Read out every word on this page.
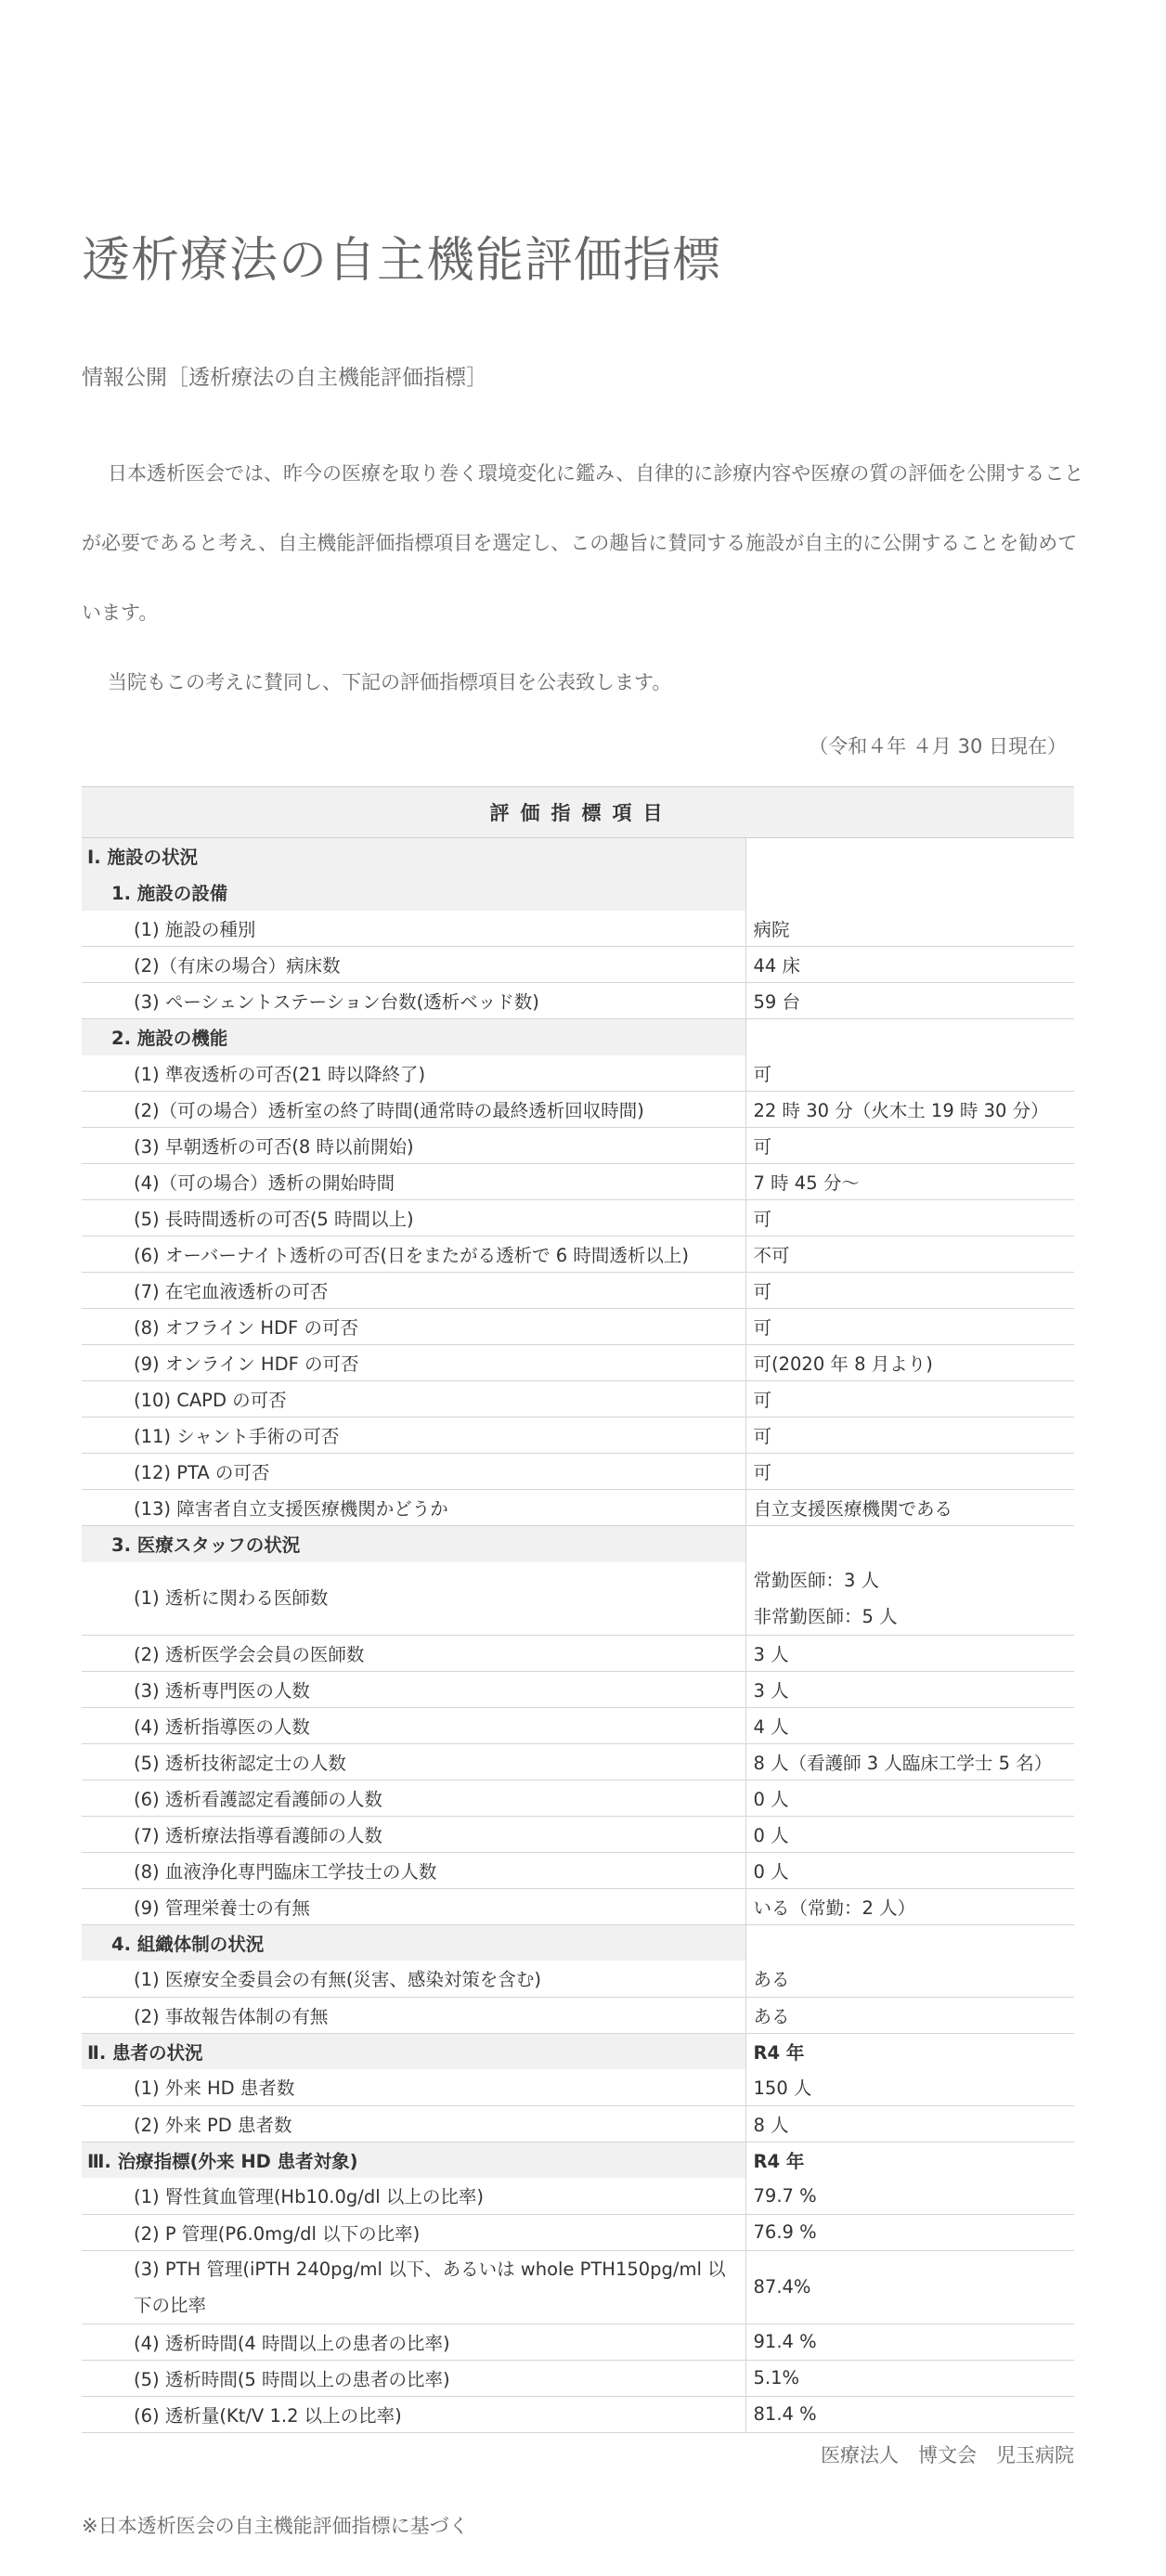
透析療法の自主機能評価指標
情報公開［透析療法の自主機能評価指標］

日本透析医会では、昨今の医療を取り巻く環境変化に鑑み、自律的に診療内容や医療の質の評価を公開することが必要であると考え、自主機能評価指標項目を選定し、この趣旨に賛同する施設が自主的に公開することを勧めています。

当院もこの考えに賛同し、下記の評価指標項目を公表致します。

（令和４年 ４月 30 日現在）
評価指標項目	
Ⅰ. 施設の状況	
1. 施設の設備	
(1) 施設の種別	病院
(2)（有床の場合）病床数	44 床
(3) ペーシェントステーション台数(透析ベッド数)	59 台
2. 施設の機能	
(1) 準夜透析の可否(21 時以降終了)	可
(2)（可の場合）透析室の終了時間(通常時の最終透析回収時間)	22 時 30 分（火木土 19 時 30 分）
(3) 早朝透析の可否(8 時以前開始)	可
(4)（可の場合）透析の開始時間	7 時 45 分～
(5) 長時間透析の可否(5 時間以上)	可
(6) オーバーナイト透析の可否(日をまたがる透析で 6 時間透析以上)	不可
(7) 在宅血液透析の可否	可
(8) オフライン HDF の可否	可
(9) オンライン HDF の可否	可(2020 年 8 月より)
(10) CAPD の可否	可
(11) シャント手術の可否	可
(12) PTA の可否	可
(13) 障害者自立支援医療機関かどうか	自立支援医療機関である
3. 医療スタッフの状況	
(1) 透析に関わる医師数	常勤医師：3 人
非常勤医師：5 人
(2) 透析医学会会員の医師数	3 人
(3) 透析専門医の人数	3 人
(4) 透析指導医の人数	4 人
(5) 透析技術認定士の人数	8 人（看護師 3 人臨床工学士 5 名）
(6) 透析看護認定看護師の人数	0 人
(7) 透析療法指導看護師の人数	0 人
(8) 血液浄化専門臨床工学技士の人数	0 人
(9) 管理栄養士の有無	いる（常勤：2 人）
4. 組織体制の状況	
(1) 医療安全委員会の有無(災害、感染対策を含む)	ある
(2) 事故報告体制の有無	ある
Ⅱ. 患者の状況	R4 年
(1) 外来 HD 患者数	150 人
(2) 外来 PD 患者数	8 人
Ⅲ. 治療指標(外来 HD 患者対象)	R4 年
(1) 腎性貧血管理(Hb10.0g/dl 以上の比率)	79.7 %
(2) P 管理(P6.0mg/dl 以下の比率)	76.9 %
(3) PTH 管理(iPTH 240pg/ml 以下、あるいは whole PTH150pg/ml 以
下の比率	87.4%
(4) 透析時間(4 時間以上の患者の比率)	91.4 %
(5) 透析時間(5 時間以上の患者の比率)	5.1%
(6) 透析量(Kt/V 1.2 以上の比率)	81.4 %
医療法人　博文会　児玉病院
※日本透析医会の自主機能評価指標に基づく
